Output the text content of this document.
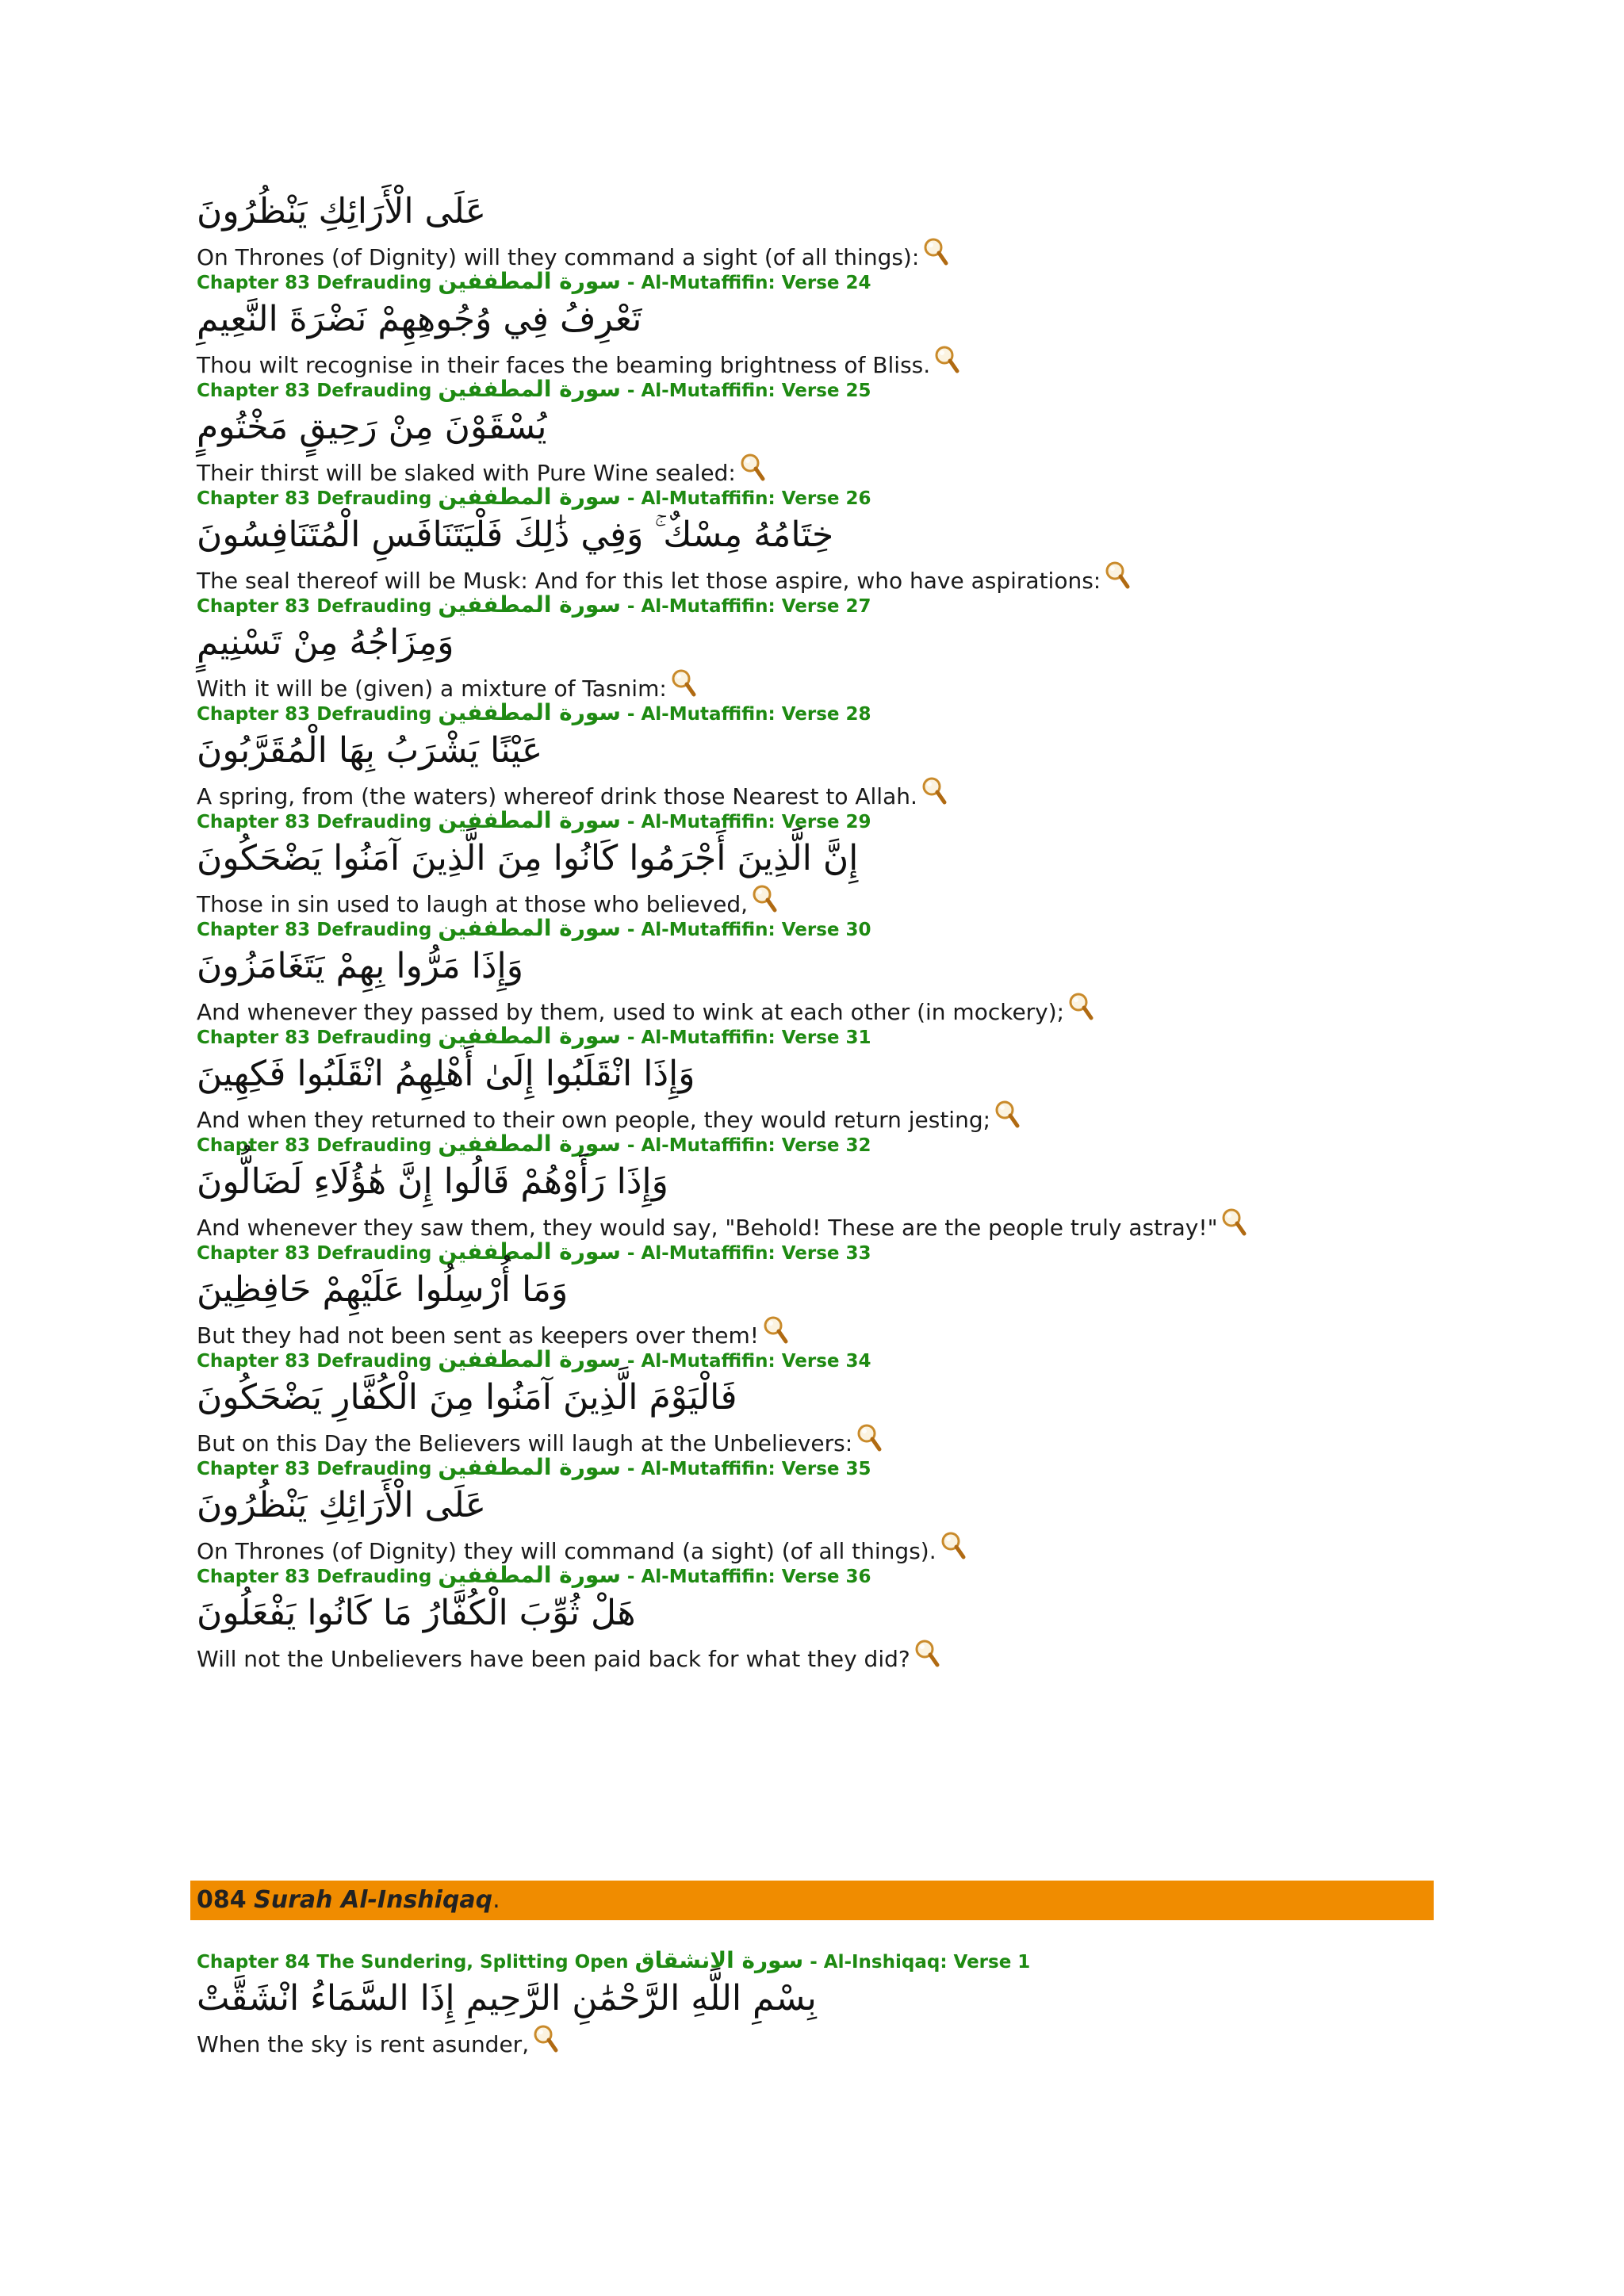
عَلَى الْأَرَائِكِ يَنْظُرُونَ
On Thrones (of Dignity) will they command a sight (of all things):
Chapter 83 Defrauding سورة المطففين - Al-Mutaffifin: Verse 24
تَعْرِفُ فِي وُجُوهِهِمْ نَضْرَةَ النَّعِيمِ
Thou wilt recognise in their faces the beaming brightness of Bliss.
Chapter 83 Defrauding سورة المطففين - Al-Mutaffifin: Verse 25
يُسْقَوْنَ مِنْ رَحِيقٍ مَخْتُومٍ
Their thirst will be slaked with Pure Wine sealed:
Chapter 83 Defrauding سورة المطففين - Al-Mutaffifin: Verse 26
خِتَامُهُ مِسْكٌ ۚ وَفِي ذَٰلِكَ فَلْيَتَنَافَسِ الْمُتَنَافِسُونَ
The seal thereof will be Musk: And for this let those aspire, who have aspirations:
Chapter 83 Defrauding سورة المطففين - Al-Mutaffifin: Verse 27
وَمِزَاجُهُ مِنْ تَسْنِيمٍ
With it will be (given) a mixture of Tasnim:
Chapter 83 Defrauding سورة المطففين - Al-Mutaffifin: Verse 28
عَيْنًا يَشْرَبُ بِهَا الْمُقَرَّبُونَ
A spring, from (the waters) whereof drink those Nearest to Allah.
Chapter 83 Defrauding سورة المطففين - Al-Mutaffifin: Verse 29
إِنَّ الَّذِينَ أَجْرَمُوا كَانُوا مِنَ الَّذِينَ آمَنُوا يَضْحَكُونَ
Those in sin used to laugh at those who believed,
Chapter 83 Defrauding سورة المطففين - Al-Mutaffifin: Verse 30
وَإِذَا مَرُّوا بِهِمْ يَتَغَامَزُونَ
And whenever they passed by them, used to wink at each other (in mockery);
Chapter 83 Defrauding سورة المطففين - Al-Mutaffifin: Verse 31
وَإِذَا انْقَلَبُوا إِلَىٰ أَهْلِهِمُ انْقَلَبُوا فَكِهِينَ
And when they returned to their own people, they would return jesting;
Chapter 83 Defrauding سورة المطففين - Al-Mutaffifin: Verse 32
وَإِذَا رَأَوْهُمْ قَالُوا إِنَّ هَٰؤُلَاءِ لَضَالُّونَ
And whenever they saw them, they would say, "Behold! These are the people truly astray!"
Chapter 83 Defrauding سورة المطففين - Al-Mutaffifin: Verse 33
وَمَا أُرْسِلُوا عَلَيْهِمْ حَافِظِينَ
But they had not been sent as keepers over them!
Chapter 83 Defrauding سورة المطففين - Al-Mutaffifin: Verse 34
فَالْيَوْمَ الَّذِينَ آمَنُوا مِنَ الْكُفَّارِ يَضْحَكُونَ
But on this Day the Believers will laugh at the Unbelievers:
Chapter 83 Defrauding سورة المطففين - Al-Mutaffifin: Verse 35
عَلَى الْأَرَائِكِ يَنْظُرُونَ
On Thrones (of Dignity) they will command (a sight) (of all things).
Chapter 83 Defrauding سورة المطففين - Al-Mutaffifin: Verse 36
هَلْ ثُوِّبَ الْكُفَّارُ مَا كَانُوا يَفْعَلُونَ
Will not the Unbelievers have been paid back for what they did?
084 Surah Al-Inshiqaq.
Chapter 84 The Sundering, Splitting Open سورة الانشقاق - Al-Inshiqaq: Verse 1
بِسْمِ اللَّهِ الرَّحْمَٰنِ الرَّحِيمِ إِذَا السَّمَاءُ انْشَقَّتْ
When the sky is rent asunder,
